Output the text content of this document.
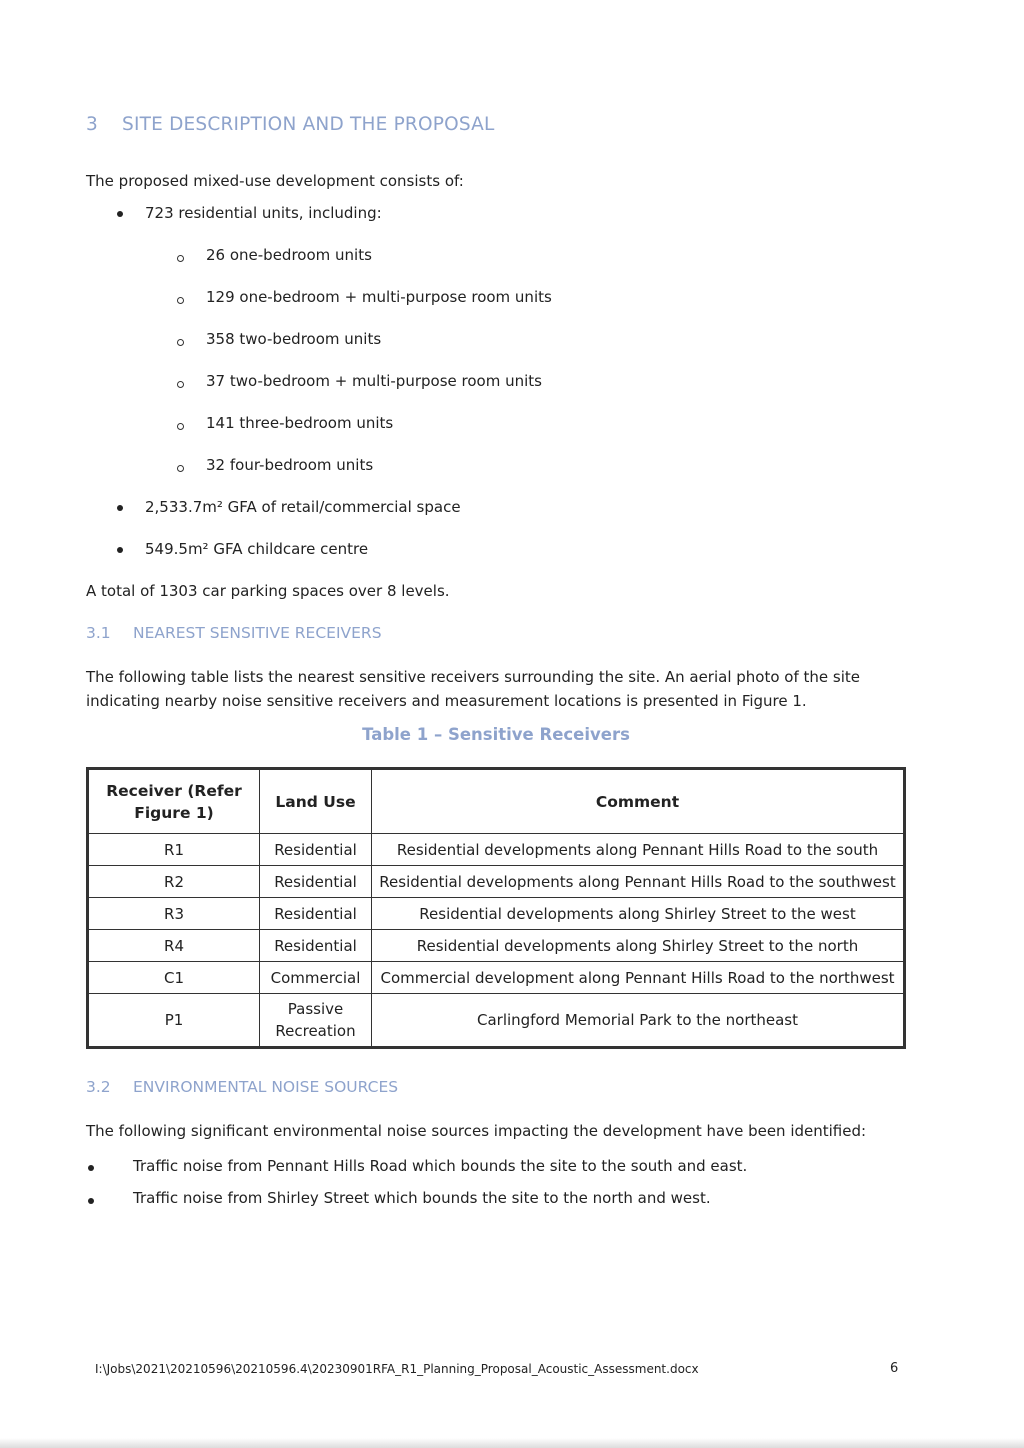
3 SITE DESCRIPTION AND THE PROPOSAL
The proposed mixed-use development consists of:
723 residential units, including:
26 one-bedroom units
129 one-bedroom + multi-purpose room units
358 two-bedroom units
37 two-bedroom + multi-purpose room units
141 three-bedroom units
32 four-bedroom units
2,533.7m² GFA of retail/commercial space
549.5m² GFA childcare centre
A total of 1303 car parking spaces over 8 levels.
3.1 NEAREST SENSITIVE RECEIVERS
The following table lists the nearest sensitive receivers surrounding the site. An aerial photo of the site indicating nearby noise sensitive receivers and measurement locations is presented in Figure 1.
Table 1 – Sensitive Receivers
Receiver (Refer Figure 1)	Land Use	Comment
R1	Residential	Residential developments along Pennant Hills Road to the south
R2	Residential	Residential developments along Pennant Hills Road to the southwest
R3	Residential	Residential developments along Shirley Street to the west
R4	Residential	Residential developments along Shirley Street to the north
C1	Commercial	Commercial development along Pennant Hills Road to the northwest
P1	Passive Recreation	Carlingford Memorial Park to the northeast
3.2 ENVIRONMENTAL NOISE SOURCES
The following significant environmental noise sources impacting the development have been identified:
Traffic noise from Pennant Hills Road which bounds the site to the south and east.
Traffic noise from Shirley Street which bounds the site to the north and west.
I:\Jobs\2021\20210596\20210596.4\20230901RFA_R1_Planning_Proposal_Acoustic_Assessment.docx	6
